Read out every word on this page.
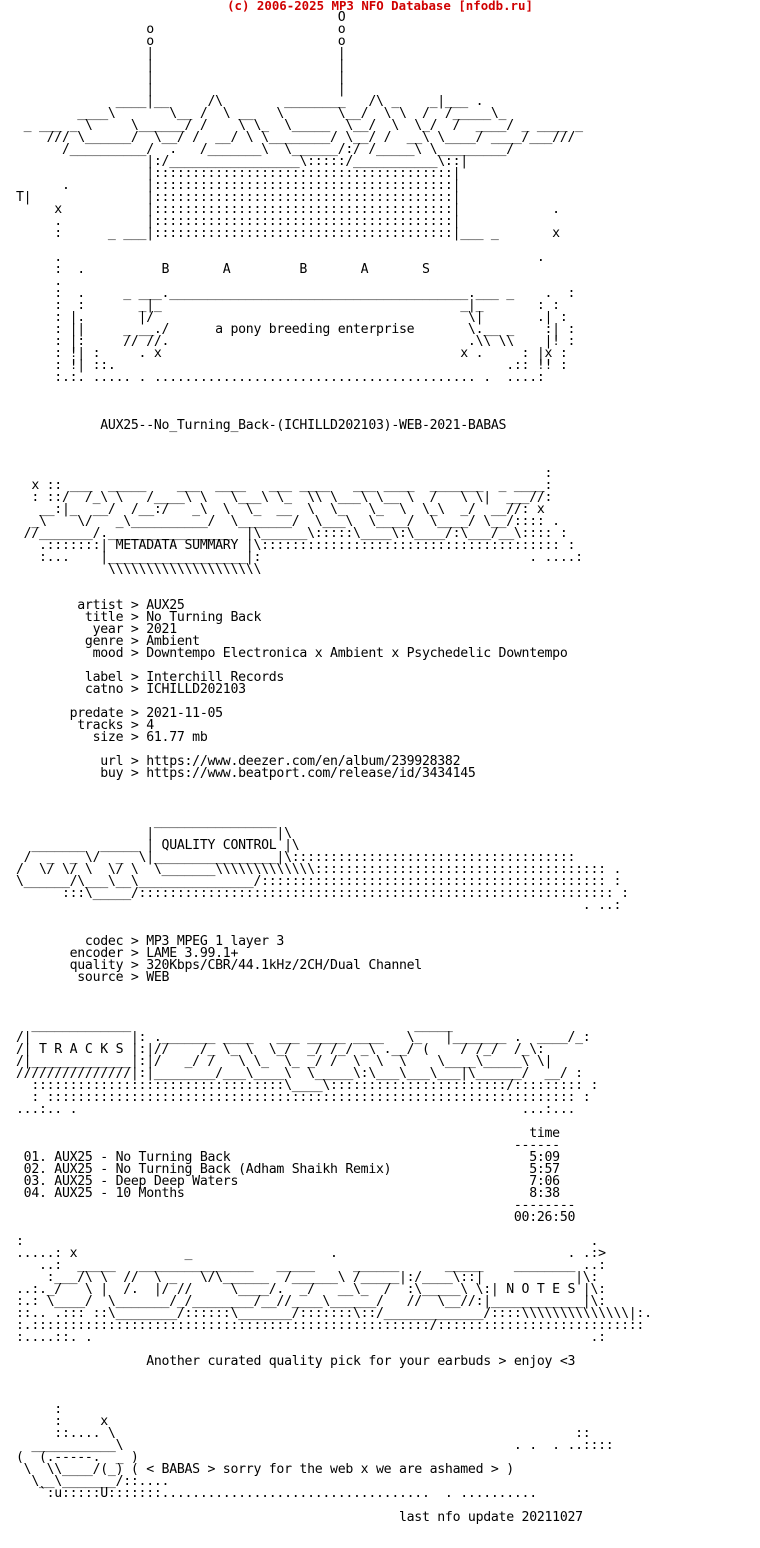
(c) 2006-2025 MP3 NFO Database [nfodb.ru]
O
o                        o
o                        o
|                        |
|                        |
|                        |
|                        |
____|__     /\        ________   /\ _    _|___ .
____\       \__ /  \ __   \       \__/  \ \  /  /_____\_
_ ___ _ \     \______/ /    \ \_  \_____  \__/  \  \_/  /  ____/ _ ____ _
/// \______/  \__/ /  __/ \ \________/ \__/ /  __\ \____/ ____/___///
/__________/  .   /_______\  \______/:/ /_____\ \_________/
|:/_________________\:::::/___________\::|
|:::::::::::::::::::::::::::::::::::::::|
.          |:::::::::::::::::::::::::::::::::::::::|
T|               |:::::::::::::::::::::::::::::::::::::::|
x           |:::::::::::::::::::::::::::::::::::::::|            .
.           |:::::::::::::::::::::::::::::::::::::::|
:      _ ___|:::::::::::::::::::::::::::::::::::::::|___ _       x

.                                                              .
:  .          B       A         B       A       S
.
:  .     _ ___._______________________________________.___ _    .  :
:  :       _|_                                       _|_       : :
: |.       |/                                         \|       .| :
: ||     _ __./      a pony breeding enterprise       \.__ _    :| :
: |:     // //.                                       .\\ \\    |! :
: !| :     . x                                       x .     : |x :
: !| ::.                                                   .:: !! :
:.:. ..... . .......................................... .  ....:

AUX25--No_Turning_Back-(ICHILLD202103)-WEB-2021-BABAS

:
x :: ___  _____    ___  ____   ___ ____   ___ ____  _______  _ ____:
: ::/  /_\ \   /____\ \   \___\ \_  \\ \___\ \__ \  /   \ \|  ___//:
__:|_  __/  /__:/   _\  \  \_  __  \  \_   \_  \  \_\  _/  __//: x
_\    \/   _\__________/  \_______/  \___\  \____/  \____/ \__/:::: .
//_______/.________________  |\______\:::::\____\:\____/:\___/__\:::: :
.:::::::| METADATA SUMMARY |\::::::::::::::::::::::::::::::::::::::: :
:...    |__________________|:                                   . ....:
\\\\\\\\\\\\\\\\\\\\

artist > AUX25
title > No Turning Back
year > 2021
genre > Ambient
mood > Downtempo Electronica x Ambient x Psychedelic Downtempo

label > Interchill Records
catno > ICHILLD202103

predate > 2021-11-05
tracks > 4
size > 61.77 mb

url > https://www.deezer.com/en/album/239928382
buy > https://www.beatport.com/release/id/3434145

________________
|                |\
_______  _____ | QUALITY CONTROL |\
/  _  _ \/  _  \|________________|\:::::::::::::::::::::::::::::::::::::
/  \/ \/ \  \/ \  \_______\\\\\\\\\\\\\:::::::::::::::::::::::::::::::::::::: .
\______/\___\__\_______________/::::::::::::::::::::::::::::::::::::::::::::: :
:::\_____/:::::::::::::::::::::::::::::::::::::::::::::::::::::::::::::: :
. ..:

codec > MP3 MPEG 1 layer 3
encoder > LAME 3.99.1+
quality > 320Kbps/CBR/44.1kHz/2CH/Dual Channel
source > WEB

_____________                                     _____
/|             |: ._______ ____   ___ _____ ____   \_   |_______ .  ____/_:
/| T R A C K S |:|//    /_ \_ \  \_/  _/ /_/ _\ .__/ (    / /_/  /_\:
/|_____________|:|/   _/ /   \ \_  \_ _/ /  \  \  \    \____\_____\ \|
///////////////|:|________/___\____\  \_____\:\___\___\___|\______/  __/ :
:::::::::::::::::::::::::::::::::\____\:::::::::::::::::::::::/::::::::: :
: ::::::::::::::::::::::::::::::::::::::::::::::::::::::::::::::::::::: :
...:.. .                                                          ...:...

time
------
01. AUX25 - No Turning Back                                       5:09
02. AUX25 - No Turning Back (Adham Shaikh Remix)                  5:57
03. AUX25 - Deep Deep Waters                                      7:06
04. AUX25 - 10 Months                                             8:38
--------
00:26:50

:                                                                          .
.....: x              _                  .                              . .:>
..:  _____   _______________   _____     ______      _____    ________ ..:
:___/\ \  //  \ _   \/\______  /______\ /_____|:/____\::|            |\:
..:._/   \ |  /.  |/ //     \____/.  _/   __\_  /  :\_____\ \:| N O T E S |\:
:.: \____/  \_______/_/________/__//____\______/   //  \__//:|____________|\:
::.. .::: ::\________/::::::\_______/:::::::\::/_____________/::::\\\\\\\\\\\\\\|:.
:.::::::::::::::::::::::::::::::::::::::::::::::::::::/:::::::::::::::::::::::::::
:....::. .                                                                 .:

Another curated quality pick for your earbuds > enjoy <3

:
:     x
::.... \                                                            ::
___________\                                                   . .  . ..::::
(  (.-----.  _ )
\  \\____/(_) ( < BABAS > sorry for the web x we are ashamed > )
\__\_______/::....
`:u:::::U:::::::...................................  . ..........

last nfo update 20211027
